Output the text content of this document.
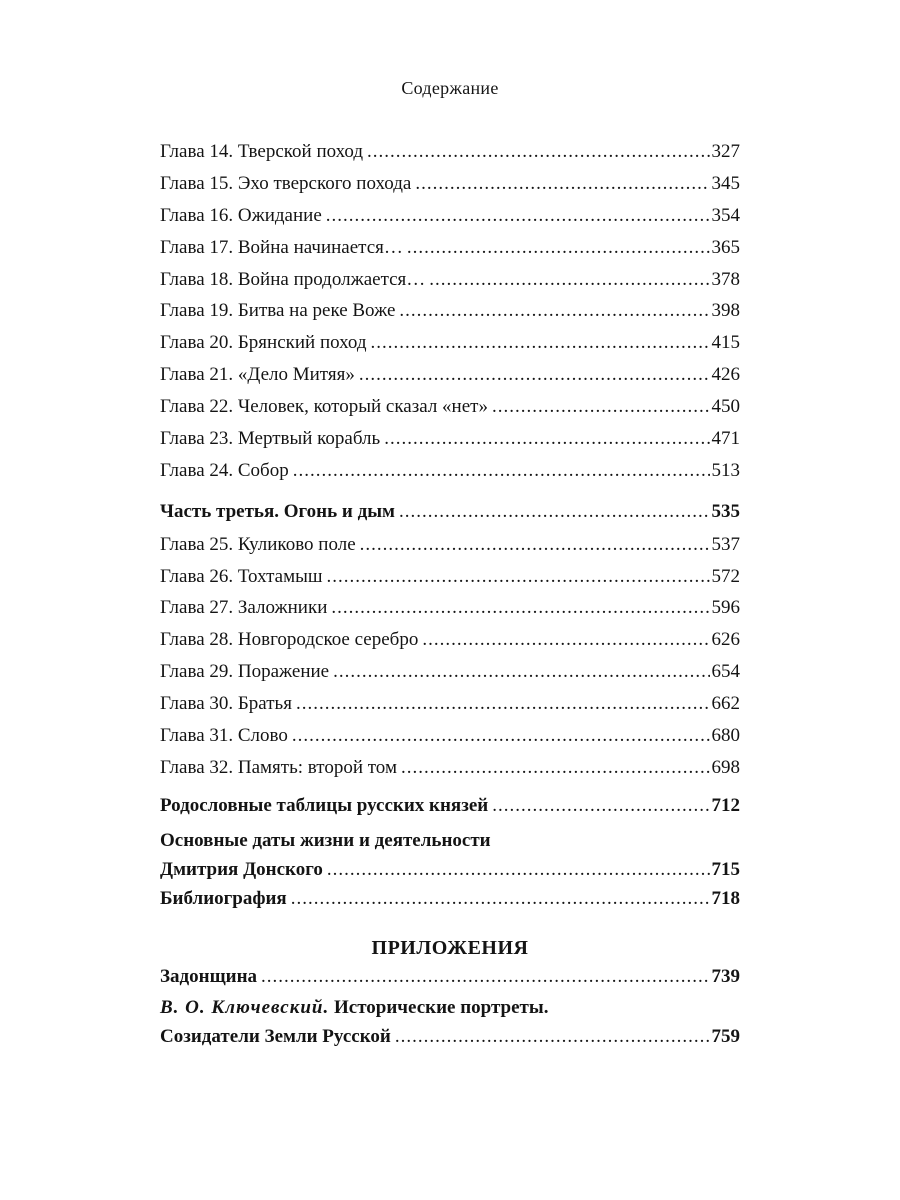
Содержание
Глава 14. Тверской поход .....	327
Глава 15. Эхо тверского похода .....	345
Глава 16. Ожидание .....	354
Глава 17. Война начинается… .....	365
Глава 18. Война продолжается… .....	378
Глава 19. Битва на реке Воже .....	398
Глава 20. Брянский поход .....	415
Глава 21. «Дело Митяя» .....	426
Глава 22. Человек, который сказал «нет» .....	450
Глава 23. Мертвый корабль .....	471
Глава 24. Собор .....	513
Часть третья. Огонь и дым .....	535
Глава 25. Куликово поле .....	537
Глава 26. Тохтамыш .....	572
Глава 27. Заложники .....	596
Глава 28. Новгородское серебро .....	626
Глава 29. Поражение .....	654
Глава 30. Братья .....	662
Глава 31. Слово .....	680
Глава 32. Память: второй том .....	698
Родословные таблицы русских князей .....	712
Основные даты жизни и деятельности
Дмитрия Донского .....	715
Библиография .....	718
ПРИЛОЖЕНИЯ
Задонщина .....	739
В. О. Ключевский. Исторические портреты.
Созидатели Земли Русской .....	759
